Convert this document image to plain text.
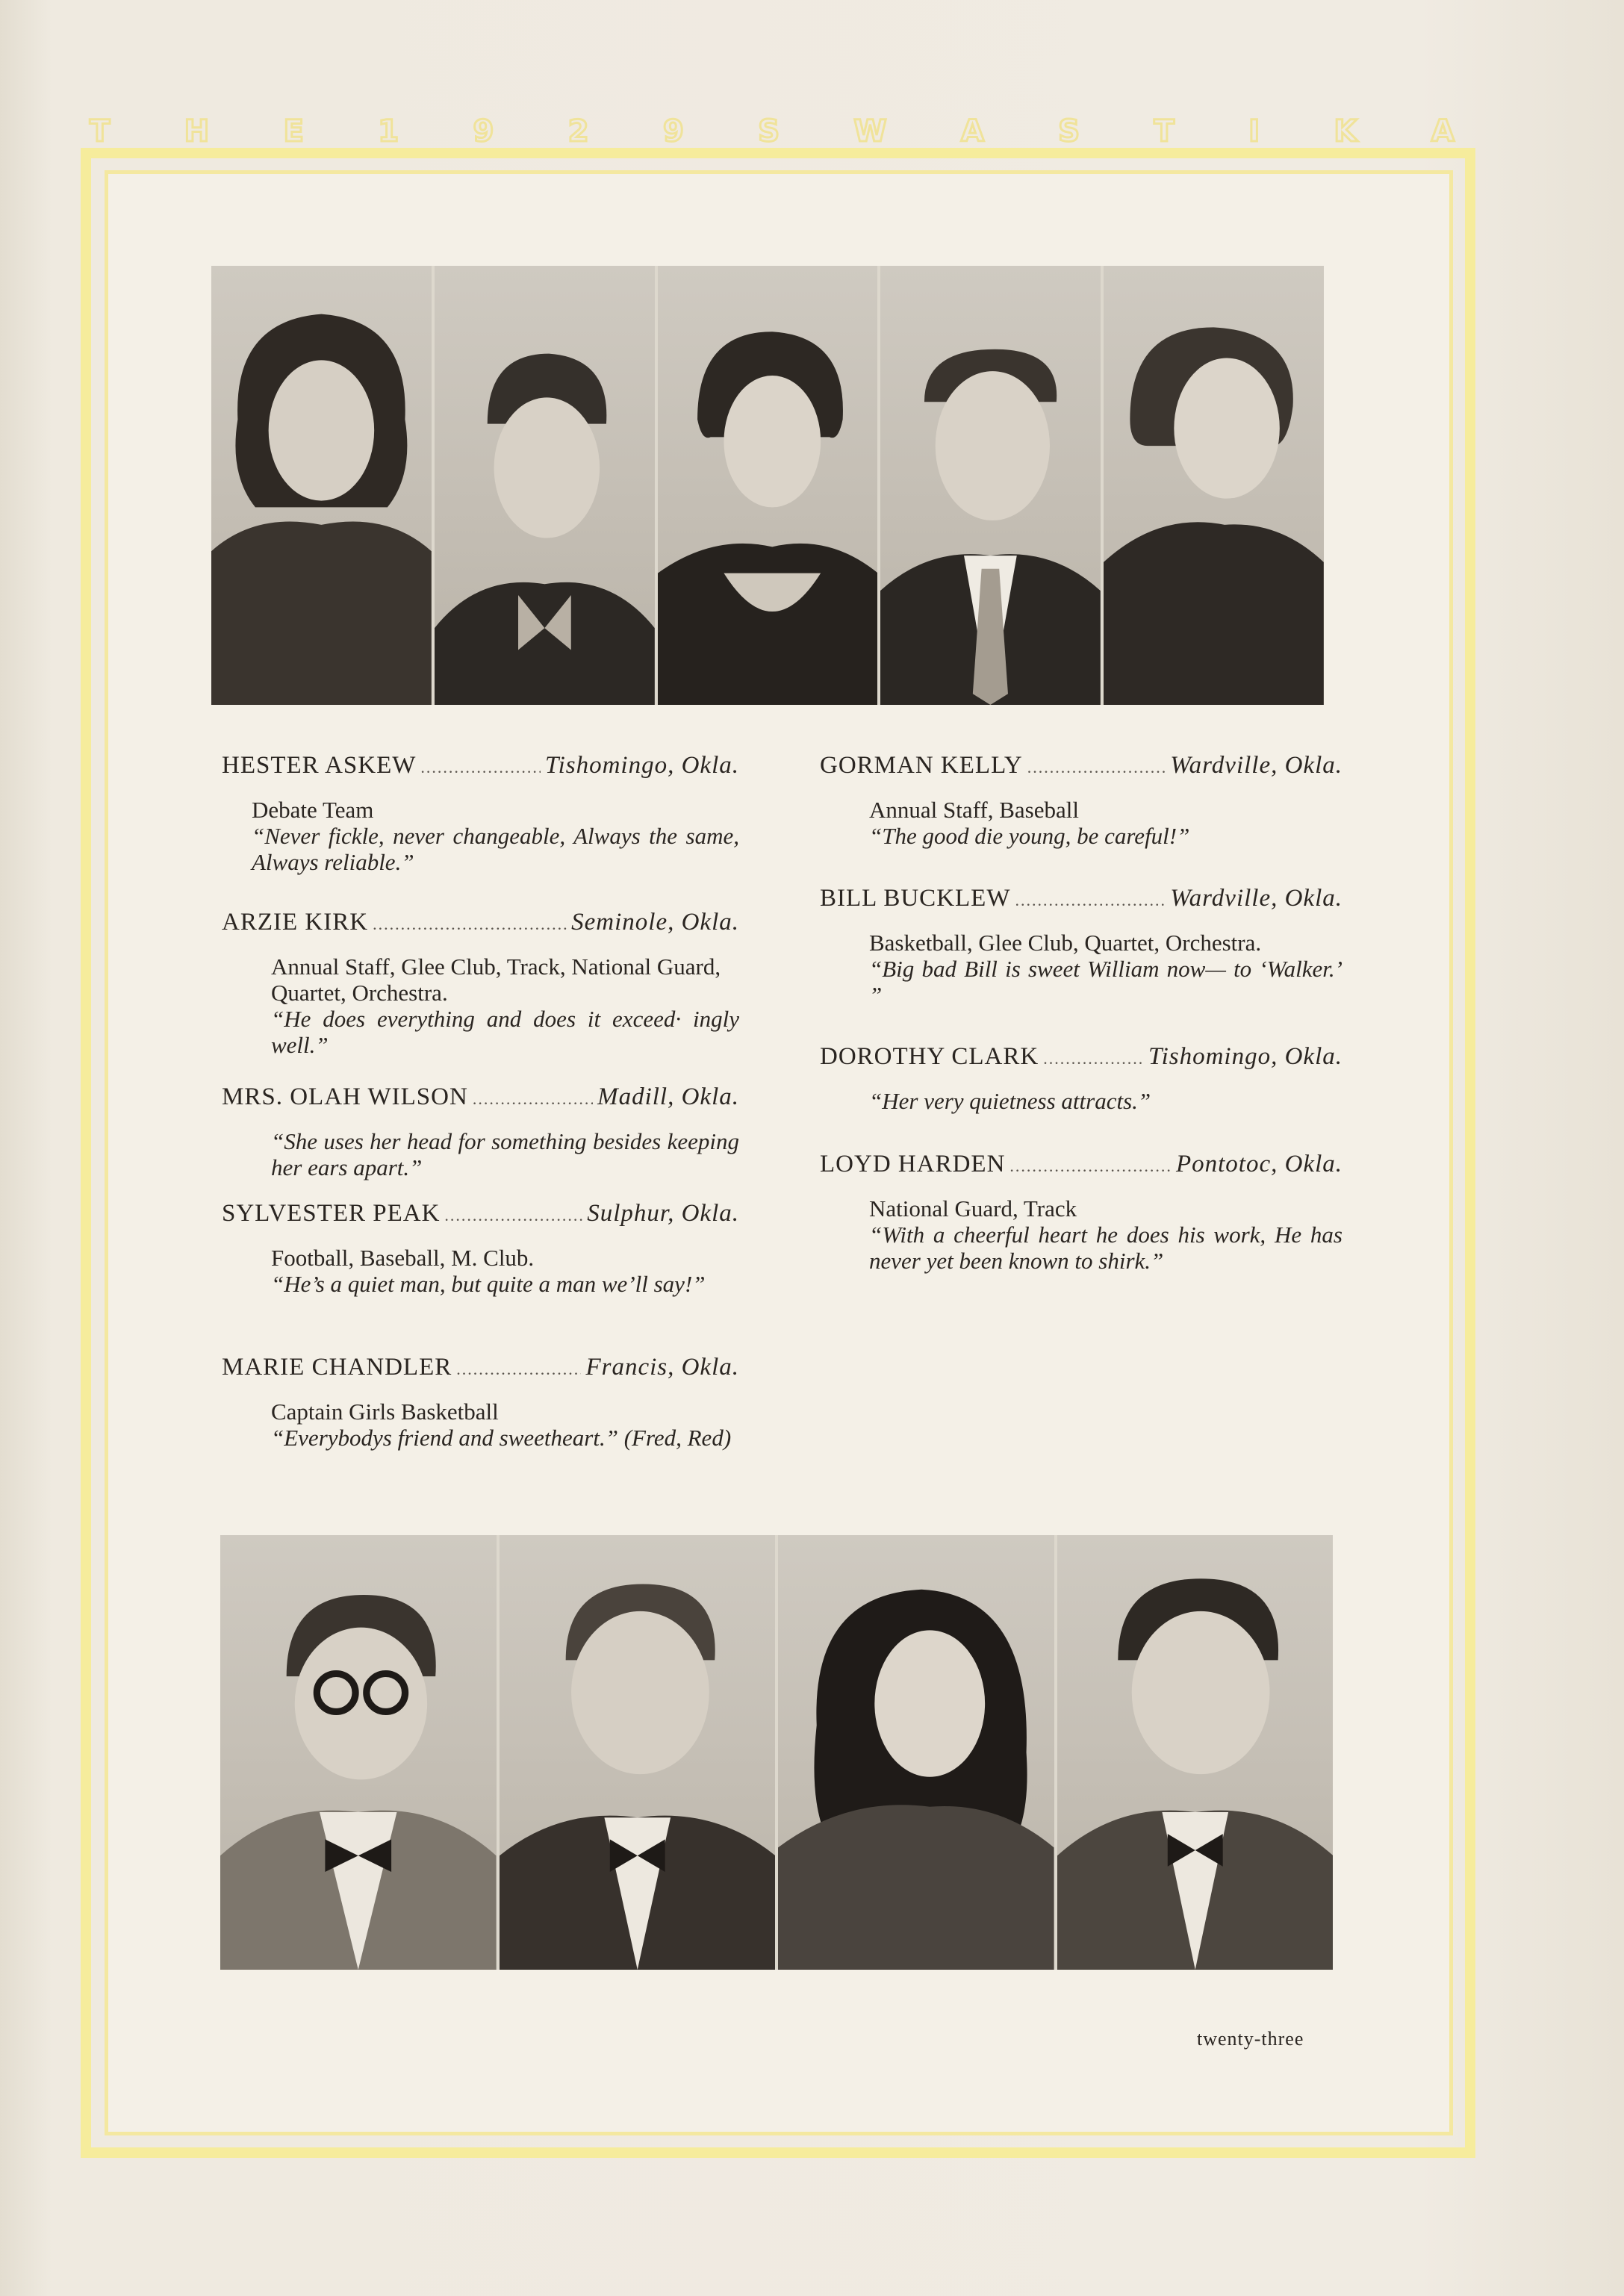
T H E 1 9 2 9 S W A S T I K A
HESTER ASKEW .....	Tishomingo, Okla.
Debate Team
“Never fickle, never changeable, Always the same, Always reliable.”
ARZIE KIRK .....	Seminole, Okla.
Annual Staff, Glee Club, Track, National Guard, Quartet, Orchestra.
“He does everything and does it exceed· ingly well.”
MRS. OLAH WILSON .....	Madill, Okla.
“She uses her head for something besides keeping her ears apart.”
SYLVESTER PEAK .....	Sulphur, Okla.
Football, Baseball, M. Club.
“He’s a quiet man, but quite a man we’ll say!”
MARIE CHANDLER .....	Francis, Okla.
Captain Girls Basketball
“Everybodys friend and sweetheart.” (Fred, Red)
GORMAN KELLY .....	Wardville, Okla.
Annual Staff, Baseball
“The good die young, be careful!”
BILL BUCKLEW .....	Wardville, Okla.
Basketball, Glee Club, Quartet, Orchestra.
“Big bad Bill is sweet William now— to ‘Walker.’ ”
DOROTHY CLARK .....	Tishomingo, Okla.
“Her very quietness attracts.”
LOYD HARDEN .....	Pontotoc, Okla.
National Guard, Track
“With a cheerful heart he does his work, He has never yet been known to shirk.”
twenty-three
